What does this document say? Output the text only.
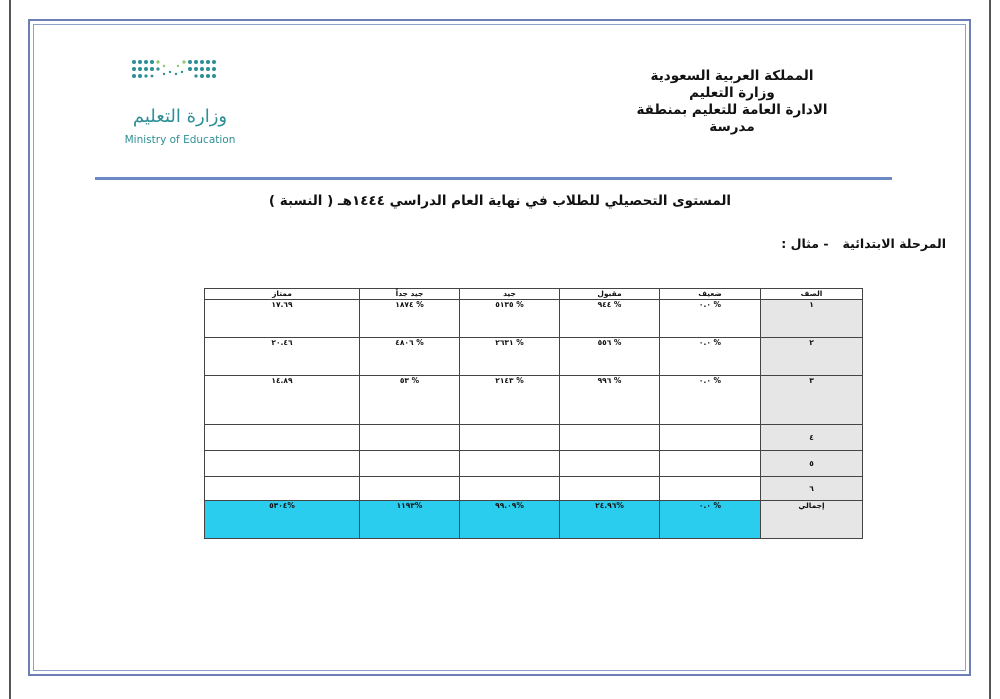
المملكة العربية السعودية
وزارة التعليم
الادارة العامة للتعليم بمنطقة
مدرسة
وزارة التعليم
Ministry of Education
المستوى التحصيلي للطلاب في نهاية العام الدراسي ١٤٤٤هـ ( النسبة )
المرحلة الابتدائية- مثال :
الصف	ضعيف	مقبول	جيد	جيد جداً	ممتاز

١	% ٠.٠	% ٩٤٤	% ٥١٣٥	% ١٨٧٤	١٧.٦٩

٢	% ٠.٠	% ٥٥٦	% ٢٦٣١	% ٤٨٠٦	٢٠.٤٦

٣	% ٠.٠	% ٩٩٦	% ٢١٤٣	% ٥٣	١٤.٨٩

٤					

٥					

٦					

إجمالي	% ٠.٠	%٢٤.٩٦	%٩٩.٠٩	%١١٩٣	%٥٣٠٤
